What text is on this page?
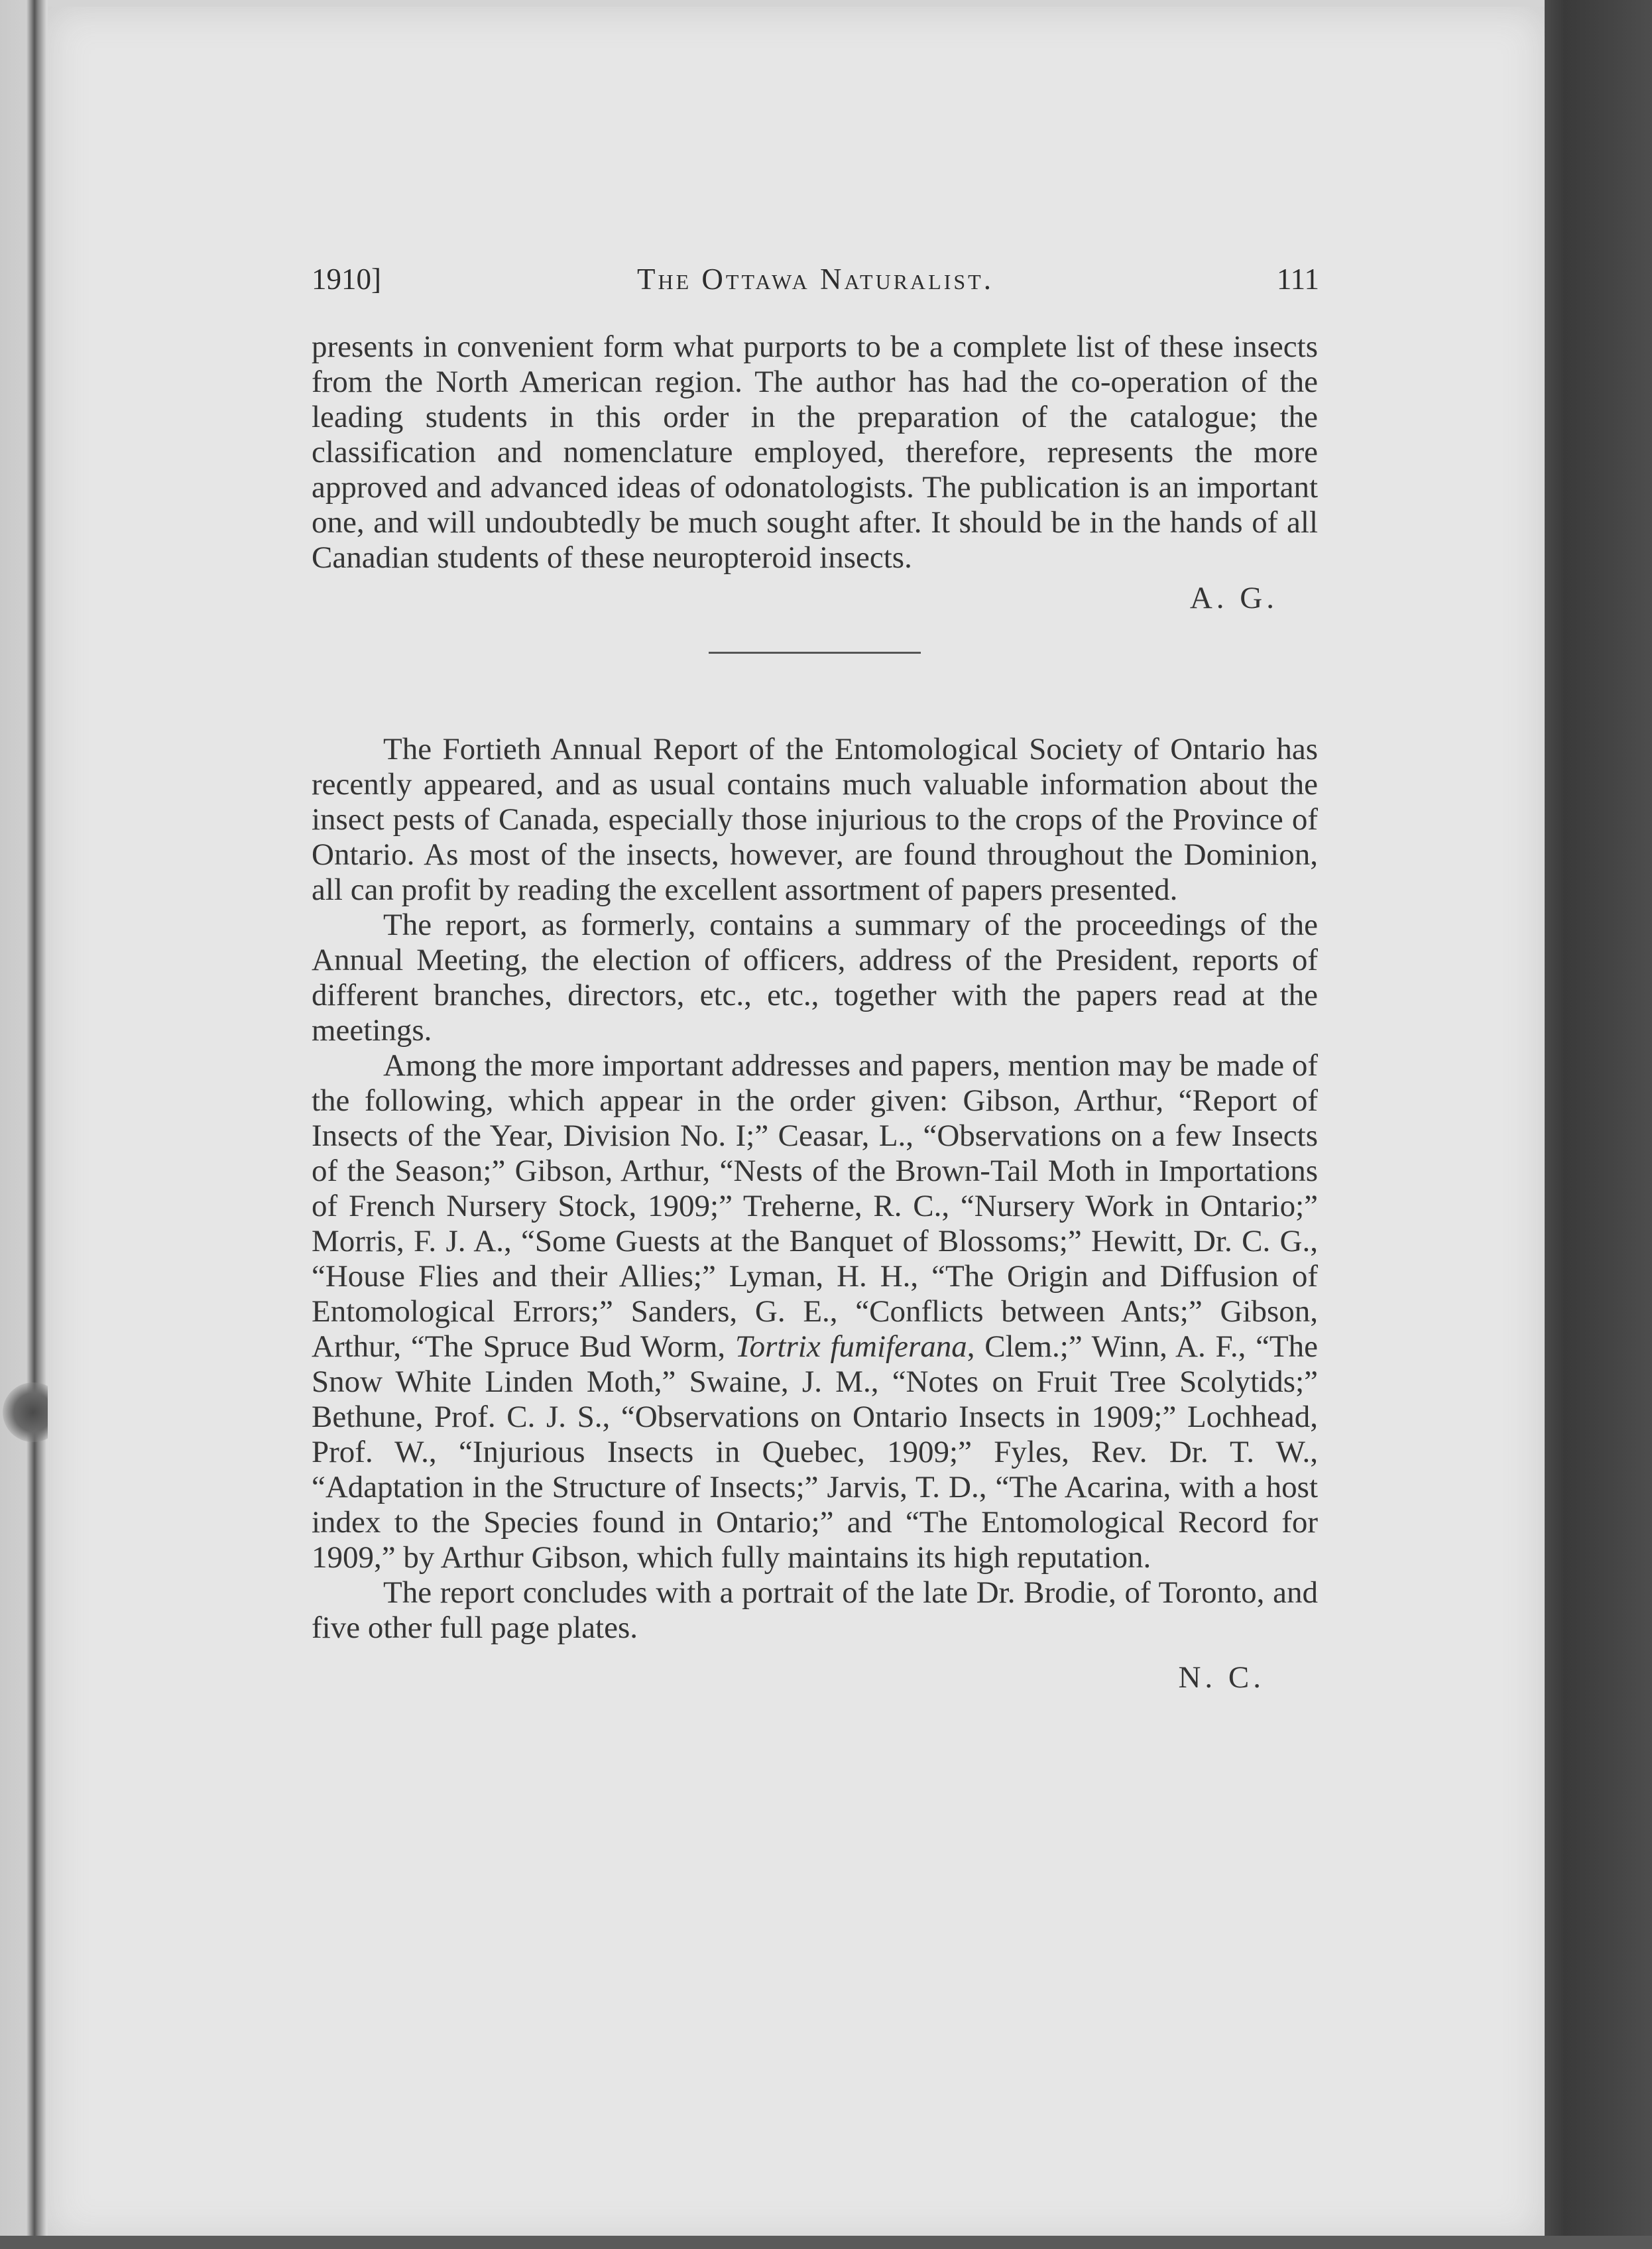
1910]	The Ottawa Naturalist.	111

presents in convenient form what purports to be a complete list of these insects from the North American region. The author has had the co-operation of the leading students in this order in the preparation of the catalogue; the classification and nomenclature employed, therefore, represents the more approved and advanced ideas of odonatologists. The publication is an important one, and will undoubtedly be much sought after. It should be in the hands of all Canadian students of these neuropteroid insects.

A. G.

The Fortieth Annual Report of the Entomological Society of Ontario has recently appeared, and as usual contains much valuable information about the insect pests of Canada, especially those injurious to the crops of the Province of Ontario. As most of the insects, however, are found throughout the Dominion, all can profit by reading the excellent assortment of papers presented.

The report, as formerly, contains a summary of the proceedings of the Annual Meeting, the election of officers, address of the President, reports of different branches, directors, etc., etc., together with the papers read at the meetings.

Among the more important addresses and papers, mention may be made of the following, which appear in the order given: Gibson, Arthur, “Report of Insects of the Year, Division No. I;” Ceasar, L., “Observations on a few Insects of the Season;” Gibson, Arthur, “Nests of the Brown-Tail Moth in Importations of French Nursery Stock, 1909;” Treherne, R. C., “Nursery Work in Ontario;” Morris, F. J. A., “Some Guests at the Banquet of Blossoms;” Hewitt, Dr. C. G., “House Flies and their Allies;” Lyman, H. H., “The Origin and Diffusion of Entomological Errors;” Sanders, G. E., “Conflicts between Ants;” Gibson, Arthur, “The Spruce Bud Worm, Tortrix fumiferana, Clem.;” Winn, A. F., “The Snow White Linden Moth,” Swaine, J. M., “Notes on Fruit Tree Scolytids;” Bethune, Prof. C. J. S., “Observations on Ontario Insects in 1909;” Lochhead, Prof. W., “Injurious Insects in Quebec, 1909;” Fyles, Rev. Dr. T. W., “Adaptation in the Structure of Insects;” Jarvis, T. D., “The Acarina, with a host index to the Species found in Ontario;” and “The Entomological Record for 1909,” by Arthur Gibson, which fully maintains its high reputation.

The report concludes with a portrait of the late Dr. Brodie, of Toronto, and five other full page plates.

N. C.
